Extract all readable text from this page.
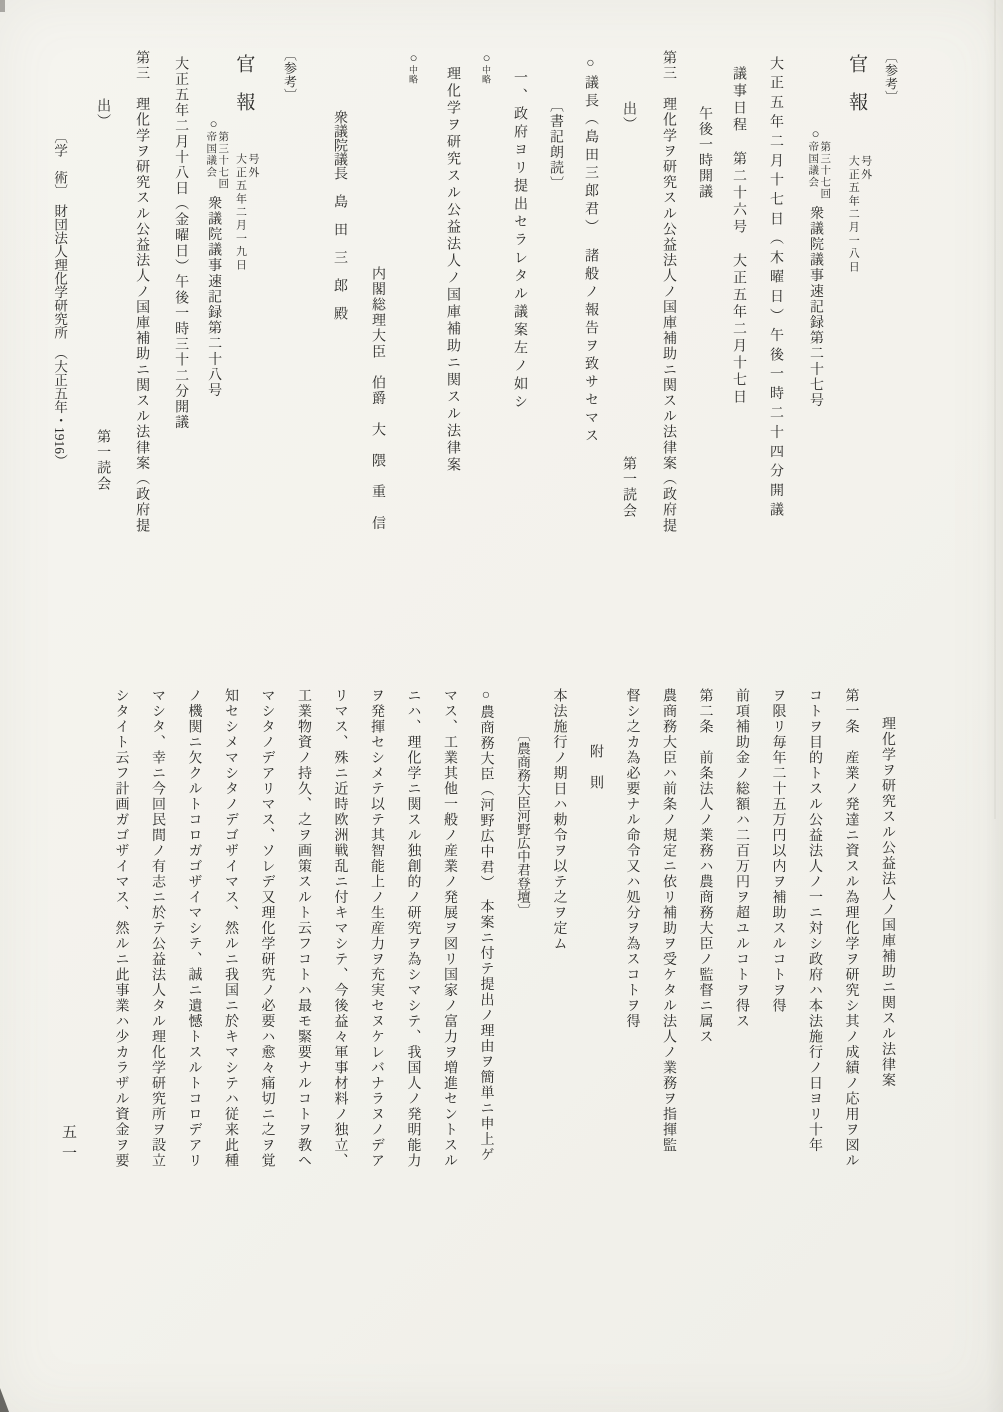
〔参考〕
官　報
号外
大正五年二月一八日
○
第三十七回
帝国議会
衆議院議事速記録第二十七号
大正五年二月十七日（木曜日）午後一時二十四分開議
議事日程　第二十六号　大正五年二月十七日
午後一時開議
第三　理化学ヲ研究スル公益法人ノ国庫補助ニ関スル法律案（政府提
出）第一読会
○議長（島田三郎君）　諸般ノ報告ヲ致サセマス
〔書記朗読〕
一、政府ヨリ提出セラレタル議案左ノ如シ
○中略
理化学ヲ研究スル公益法人ノ国庫補助ニ関スル法律案
○中略
内閣総理大臣　伯爵　大　隈　重　信
衆議院議長　島　田　三　郎　殿
〔参考〕
官　報
号外
大正五年二月一九日
○
第三十七回
帝国議会
衆議院議事速記録第二十八号
大正五年二月十八日（金曜日）午後一時三十二分開議
第三　理化学ヲ研究スル公益法人ノ国庫補助ニ関スル法律案（政府提
出）第一読会
〔学　術〕　財団法人理化学研究所　（大正五年・1916）
理化学ヲ研究スル公益法人ノ国庫補助ニ関スル法律案
第一条　産業ノ発達ニ資スル為理化学ヲ研究シ其ノ成績ノ応用ヲ図ル
コトヲ目的トスル公益法人ノ一ニ対シ政府ハ本法施行ノ日ヨリ十年
ヲ限リ毎年二十五万円以内ヲ補助スルコトヲ得
前項補助金ノ総額ハ二百万円ヲ超ユルコトヲ得ス
第二条　前条法人ノ業務ハ農商務大臣ノ監督ニ属ス
農商務大臣ハ前条ノ規定ニ依リ補助ヲ受ケタル法人ノ業務ヲ指揮監
督シ之カ為必要ナル命令又ハ処分ヲ為スコトヲ得
附　則
本法施行ノ期日ハ勅令ヲ以テ之ヲ定ム
〔農商務大臣河野広中君登壇〕
○農商務大臣（河野広中君）　本案ニ付テ提出ノ理由ヲ簡単ニ申上ゲ
マス、工業其他一般ノ産業ノ発展ヲ図リ国家ノ富力ヲ増進セントスル
ニハ、理化学ニ関スル独創的ノ研究ヲ為シマシテ、我国人ノ発明能力
ヲ発揮セシメテ以テ其智能上ノ生産力ヲ充実セヌケレバナラヌノデア
リマス、殊ニ近時欧洲戦乱ニ付キマシテ、今後益々軍事材料ノ独立、
工業物資ノ持久、之ヲ画策スルト云フコトハ最モ緊要ナルコトヲ教ヘ
マシタノデアリマス、ソレデ又理化学研究ノ必要ハ愈々痛切ニ之ヲ覚
知セシメマシタノデゴザイマス、然ルニ我国ニ於キマシテハ従来此種
ノ機関ニ欠クルトコロガゴザイマシテ、誠ニ遺憾トスルトコロデアリ
マシタ、幸ニ今回民間ノ有志ニ於テ公益法人タル理化学研究所ヲ設立
シタイト云フ計画ガゴザイマス、然ルニ此事業ハ少カラザル資金ヲ要
五一
